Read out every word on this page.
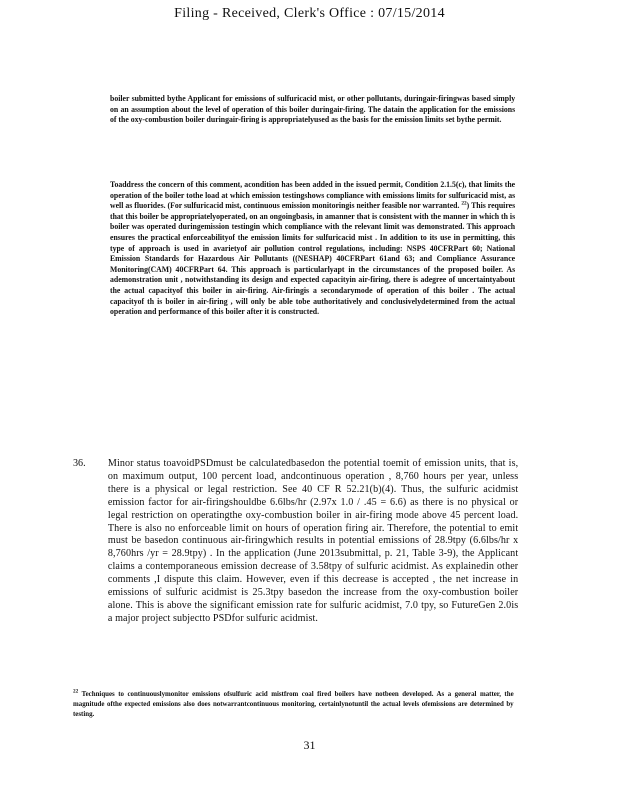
Filing - Received, Clerk's Office : 07/15/2014

boiler submitted bythe Applicant for emissions of sulfuricacid mist, or other pollutants, duringair-firingwas based simply on an assumption about the level of operation of this boiler duringair-firing. The datain the application for the emissions of the oxy-combustion boiler duringair-firing is appropriatelyused as the basis for the emission limits set bythe permit.

Toaddress the concern of this comment, acondition has been added in the issued permit, Condition 2.1.5(c), that limits the operation of the boiler tothe load at which emission testingshows compliance with emissions limits for sulfuricacid mist, as well as fluorides. (For sulfuricacid mist, continuous emission monitoringis neither feasible nor warranted. $^{22}$) This requires that this boiler be appropriatelyoperated, on an ongoingbasis, in amanner that is consistent with the manner in which th is boiler was operated duringemission testingin which compliance with the relevant limit was demonstrated. This approach ensures the practical enforceabilityof the emission limits for sulfuricacid mist . In addition to its use in permitting, this type of approach is used in avarietyof air pollution control regulations, including: NSPS 40CFRPart 60; National Emission Standards for Hazardous Air Pollutants ((NESHAP) 40CFRPart 61and 63; and Compliance Assurance Monitoring(CAM) 40CFRPart 64. This approach is particularlyapt in the circumstances of the proposed boiler. As ademonstration unit , notwithstanding its design and expected capacityin air-firing, there is adegree of uncertaintyabout the actual capacityof this boiler in air-firing. Air-firingis a secondarymode of operation of this boiler . The actual capacityof th is boiler in air-firing , will only be able tobe authoritatively and conclusivelydetermined from the actual operation and performance of this boiler after it is constructed.

36. Minor status toavoidPSDmust be calculatedbasedon the potential toemit of emission units, that is, on maximum output, 100 percent load, andcontinuous operation , 8,760 hours per year, unless there is a physical or legal restriction. See 40 CF R 52.21(b)(4). Thus, the sulfuric acidmist emission factor for air-firingshouldbe 6.6lbs/hr (2.97x 1.0 / .45 = 6.6) as there is no physical or legal restriction on operatingthe oxy-combustion boiler in air-firing mode above 45 percent load. There is also no enforceable limit on hours of operation firing air. Therefore, the potential to emit must be basedon continuous air-firingwhich results in potential emissions of 28.9tpy (6.6lbs/hr x 8,760hrs /yr = 28.9tpy) . In the application (June 2013submittal, p. 21, Table 3-9), the Applicant claims a contemporaneous emission decrease of 3.58tpy of sulfuric acidmist. As explainedin other comments ,I dispute this claim. However, even if this decrease is accepted , the net increase in emissions of sulfuric acidmist is 25.3tpy basedon the increase from the oxy-combustion boiler alone. This is above the significant emission rate for sulfuric acidmist, 7.0 tpy, so FutureGen 2.0is a major project subjectto PSDfor sulfuric acidmist.

$^{22}$ Techniques to continuouslymonitor emissions ofsulfuric acid mistfrom coal fired boilers have notbeen developed. As a general matter, the magnitude ofthe expected emissions also does notwarrantcontinuous monitoring, certainlynotuntil the actual levels ofemissions are determined by testing.

31
